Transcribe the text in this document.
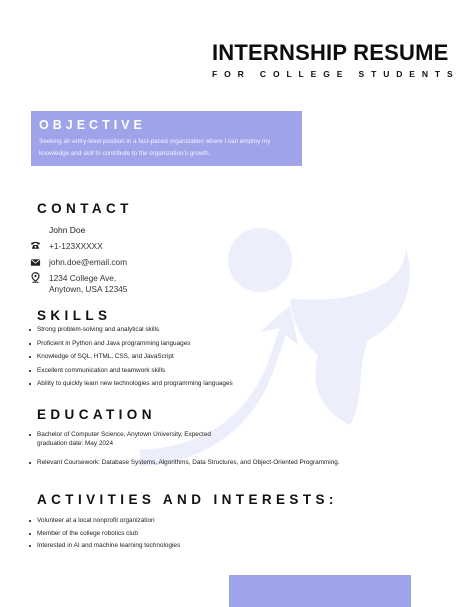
INTERNSHIP RESUME
FOR COLLEGE STUDENTS
OBJECTIVE
Seeking an entry-level position in a fast-paced organization where I can employ my knowledge and skill to contribute to the organization's growth.
CONTACT
John Doe
+1-123XXXXX
john.doe@email.com
1234 College Ave,
Anytown, USA 12345
SKILLS
Strong problem-solving and analytical skills
Proficient in Python and Java programming languages
Knowledge of SQL, HTML, CSS, and JavaScript
Excellent communication and teamwork skills
Ability to quickly learn new technologies and programming languages
EDUCATION
Bachelor of Computer Science, Anytown University, Expected
graduation date: May 2024
Relevant Coursework: Database Systems, Algorithms, Data Structures, and Object-Oriented Programming.
ACTIVITIES AND INTERESTS:
Volunteer at a local nonprofit organization
Member of the college robotics club
Interested in AI and machine learning technologies
